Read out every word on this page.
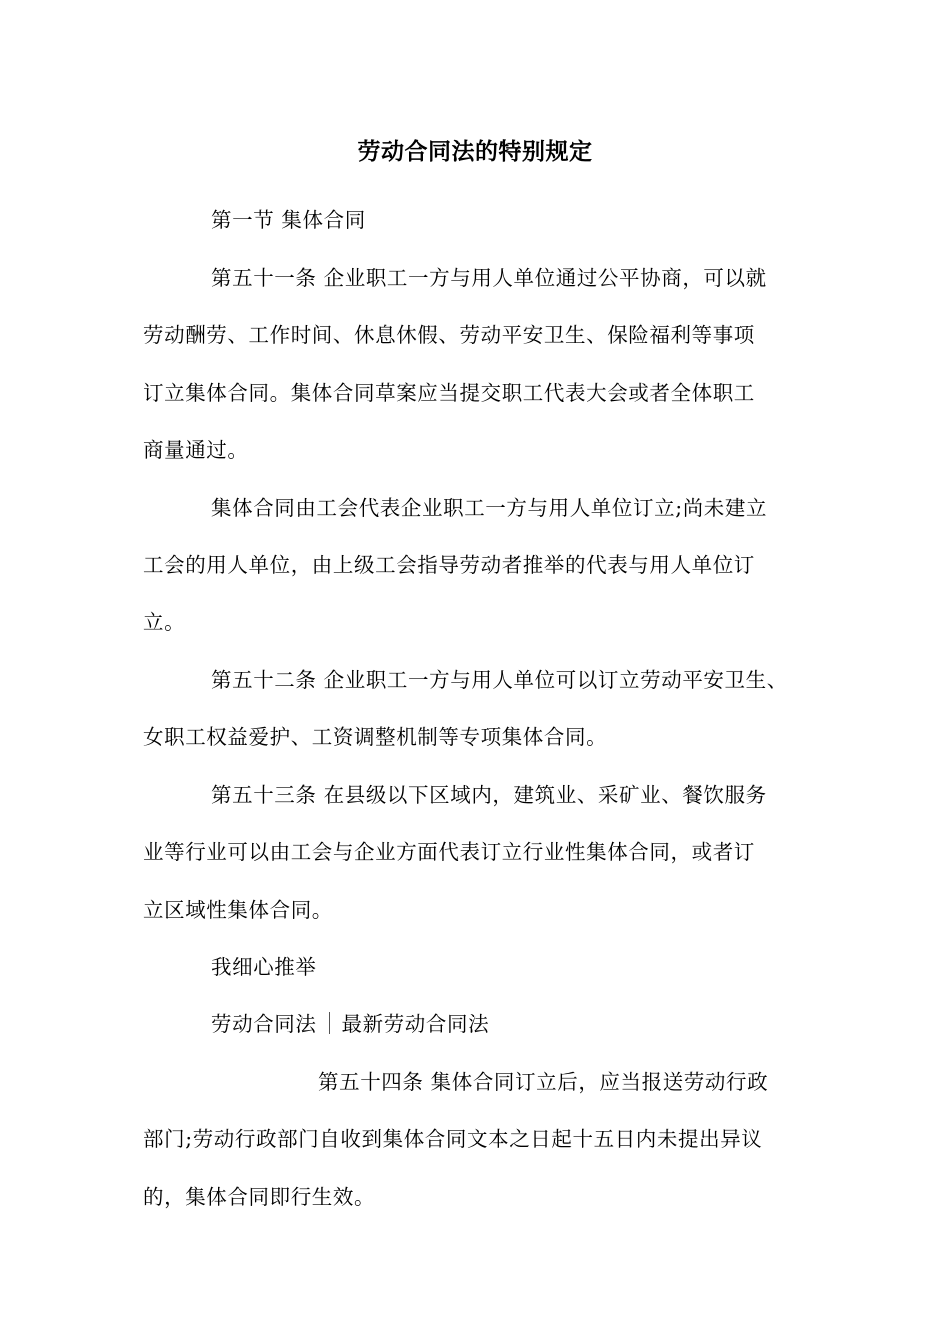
劳动合同法的特别规定
第一节 集体合同
第五十一条 企业职工一方与用人单位通过公平协商，可以就
劳动酬劳、工作时间、休息休假、劳动平安卫生、保险福利等事项
订立集体合同。集体合同草案应当提交职工代表大会或者全体职工
商量通过。
集体合同由工会代表企业职工一方与用人单位订立;尚未建立
工会的用人单位，由上级工会指导劳动者推举的代表与用人单位订
立。
第五十二条 企业职工一方与用人单位可以订立劳动平安卫生、
女职工权益爱护、工资调整机制等专项集体合同。
第五十三条 在县级以下区域内，建筑业、采矿业、餐饮服务
业等行业可以由工会与企业方面代表订立行业性集体合同，或者订
立区域性集体合同。
我细心推举
劳动合同法 最新劳动合同法
第五十四条 集体合同订立后，应当报送劳动行政
部门;劳动行政部门自收到集体合同文本之日起十五日内未提出异议
的，集体合同即行生效。
